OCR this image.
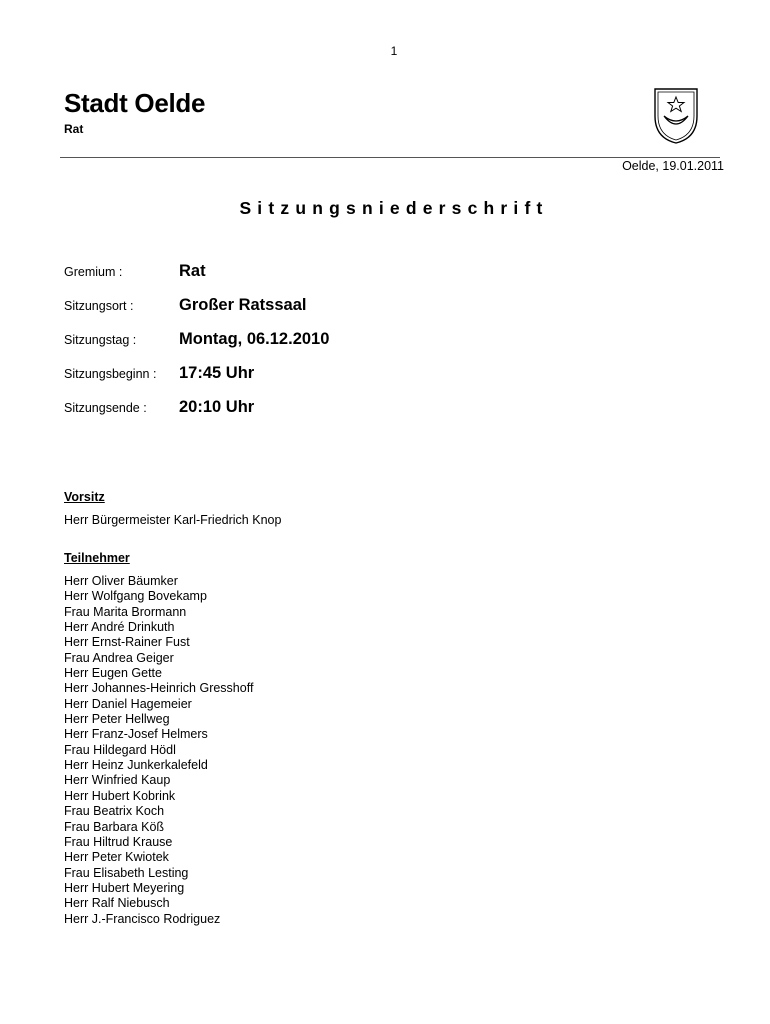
1
Stadt Oelde
Rat
Oelde, 19.01.2011
Sitzungsniederschrift
Gremium :	Rat
Sitzungsort :	Großer Ratssaal
Sitzungstag :	Montag, 06.12.2010
Sitzungsbeginn :	17:45 Uhr
Sitzungsende :	20:10 Uhr
Vorsitz
Herr Bürgermeister Karl-Friedrich Knop
Teilnehmer
Herr Oliver Bäumker
Herr Wolfgang Bovekamp
Frau Marita Brormann
Herr André Drinkuth
Herr Ernst-Rainer Fust
Frau Andrea Geiger
Herr Eugen Gette
Herr Johannes-Heinrich Gresshoff
Herr Daniel Hagemeier
Herr Peter Hellweg
Herr Franz-Josef Helmers
Frau Hildegard Hödl
Herr Heinz Junkerkalefeld
Herr Winfried Kaup
Herr Hubert Kobrink
Frau Beatrix Koch
Frau Barbara Köß
Frau Hiltrud Krause
Herr Peter Kwiotek
Frau Elisabeth Lesting
Herr Hubert Meyering
Herr Ralf Niebusch
Herr J.-Francisco Rodriguez
